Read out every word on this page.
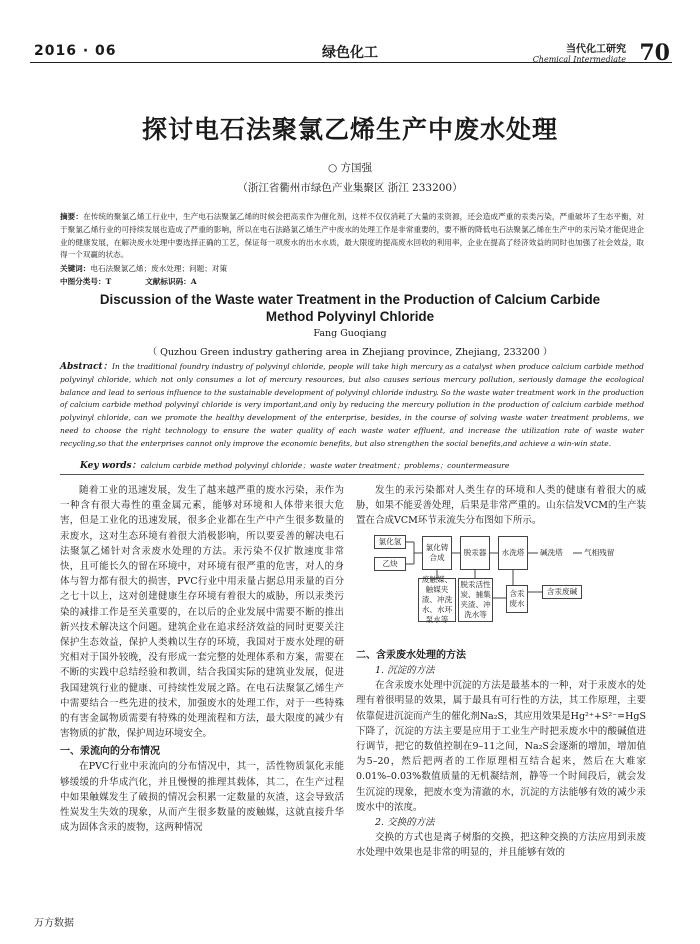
2016 · 06	绿色化工	当代化工研究
Chemical Intermediate 70
探讨电石法聚氯乙烯生产中废水处理
○ 方国强
（浙江省衢州市绿色产业集聚区 浙江 233200）
摘要：在传统的聚氯乙烯工行业中，生产电石法聚氯乙烯的时候会把高汞作为催化剂，这样不仅仅消耗了大量的汞资源，还会造成严重的汞类污染，严重破坏了生态平衡，对于聚氯乙烯行业的可持续发展也造成了严重的影响，所以在电石法路氯乙烯生产中废水的处理工作是非常重要的，要不断的降低电石法聚氯乙烯在生产中的汞污染才能促进企业的健康发展，在解决废水处理中要选择正确的工艺，保证每一项废水的出水水质，最大限度的提高废水回收的利用率，企业在提高了经济效益的同时也加强了社会效益，取得一个双赢的状态。
关键词：电石法聚氯乙烯；废水处理；问题；对策
中图分类号：T	文献标识码：A
Discussion of the Waste water Treatment in the Production of Calcium Carbide
Method Polyvinyl Chloride
Fang Guoqiang
（ Quzhou Green industry gathering area in Zhejiang province, Zhejiang, 233200 ）
Abstract：In the traditional foundry industry of polyvinyl chloride, people will take high mercury as a catalyst when produce calcium carbide method polyvinyl chloride, which not only consumes a lot of mercury resources, but also causes serious mercury pollution, seriously damage the ecological balance and lead to serious influence to the sustainable development of polyvinyl chloride industry. So the waste water treatment work in the production of calcium carbide method polyvinyl chloride is very important,and only by reducing the mercury pollution in the production of calcium carbide method polyvinyl chloride, can we promote the healthy development of the enterprise, besides, in the course of solving waste water treatment problems, we need to choose the right technology to ensure the water quality of each waste water effluent, and increase the utilization rate of waste water recycling,so that the enterprises cannot only improve the economic benefits, but also strengthen the social benefits,and achieve a win-win state.
Key words：calcium carbide method polyvinyl chloride；waste water treatment；problems；countermeasure

随着工业的迅速发展，发生了越来越严重的废水污染，汞作为一种含有很大毒性的重金属元素，能够对环境和人体带来很大危害，但是工业化的迅速发展，很多企业都在生产中产生很多数量的汞废水，这对生态环境有着很大消极影响，所以要妥善的解决电石法聚氯乙烯针对含汞废水处理的方法。汞污染不仅扩散速度非常快，且可能长久的留在环境中，对环境有很严重的危害，对人的身体与智力都有很大的损害，PVC行业中用汞量占据总用汞量的百分之七十以上，这对创建健康生存环境有着很大的威胁，所以汞类污染的减排工作是至关重要的，在以后的企业发展中需要不断的推出新兴技术解决这个问题。建筑企业在追求经济效益的同时更要关注保护生态效益，保护人类赖以生存的环境，我国对于废水处理的研究相对于国外较晚，没有形成一套完整的处理体系和方案，需要在不断的实践中总结经验和教训，结合我国实际的建筑业发展，促进我国建筑行业的健康、可持续性发展之路。在电石法聚氯乙烯生产中需要结合一些先进的技术，加强废水的处理工作，对于一些特殊的有害金属物质需要有特殊的处理流程和方法，最大限度的减少有害物质的扩散，保护周边环境安全。

一、汞流向的分布情况

在PVC行业中汞流向的分布情况中，其一，活性物质氯化汞能够缓缓的升华成汽化，并且慢慢的推理其载体，其二，在生产过程中如果触媒发生了破损的情况会积累一定数量的灰渣，这会导致活性炭发生失效的现象，从而产生很多数量的废触媒，这就直接升华成为固体含汞的废物，这两种情况

发生的汞污染都对人类生存的环境和人类的健康有着很大的威胁，如果不能妥善处理，后果是非常严重的。山东信发VCM的生产装置在合成VCM环节汞流失分布图如下所示。

氯化氢
乙炔
氯化铸合成
脱汞器	水洗塔	碱洗塔	气相残留
废触媒、触媒夹渣、冲洗水、水环泵水等
脱汞活性炭、捕集夹渣、冲洗水等
含汞废水
含汞废碱
二、含汞废水处理的方法
1. 沉淀的方法

在含汞废水处理中沉淀的方法是最基本的一种，对于汞废水的处理有着很明显的效果，属于最具有可行性的方法，其工作原理，主要依靠促进沉淀而产生的催化剂Na₂S，其应用效果是Hg²⁺+S²⁻=HgS下降了，沉淀的方法主要是应用于工业生产时把汞废水中的酸碱值进行调节，把它的数值控制在9–11之间，Na₂S会逐渐的增加，增加值为5–20，然后把两者的工作原理相互结合起来，然后在大难家0.01%–0.03%数值质量的无机凝结剂，静等一个时间段后，就会发生沉淀的现象，把废水变为清澈的水，沉淀的方法能够有效的减少汞废水中的浓度。

2. 交换的方法

交换的方式也是离子树脂的交换，把这种交换的方法应用到汞废水处理中效果也是非常的明显的，并且能够有效的

万方数据
